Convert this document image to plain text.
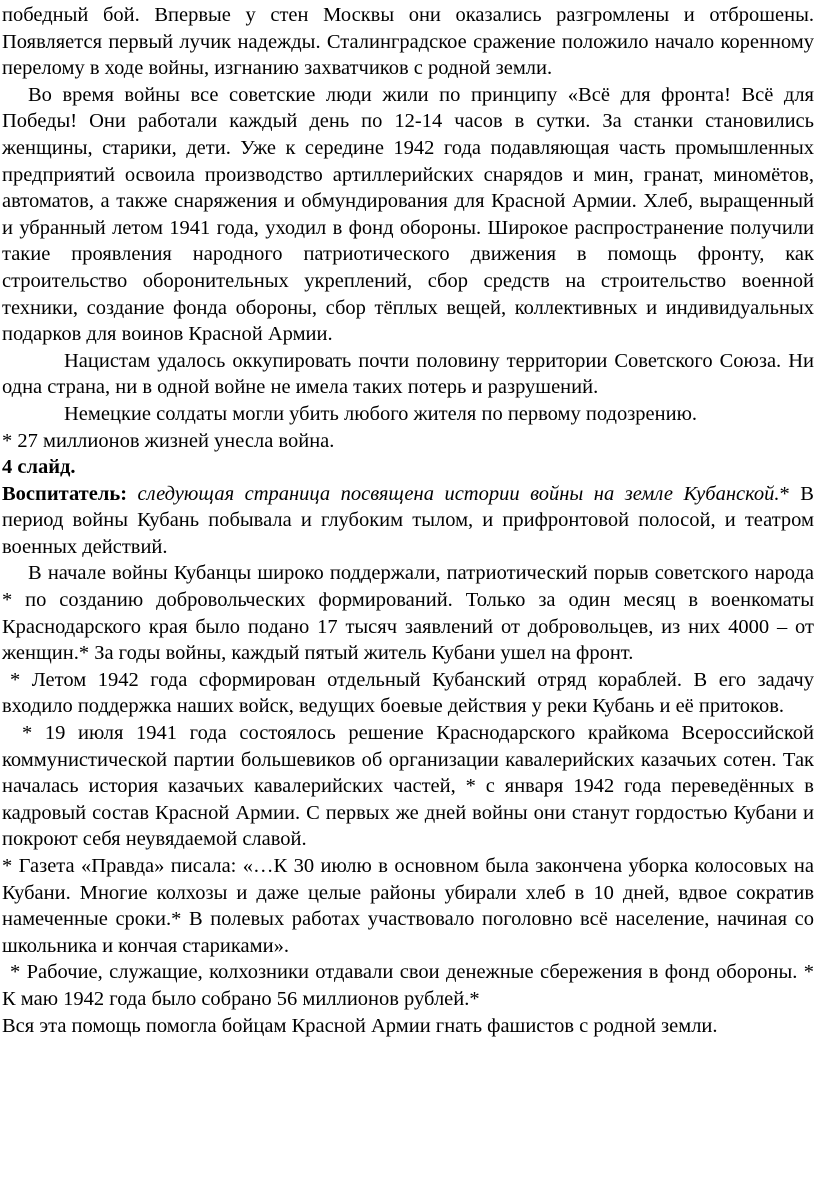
победный бой. Впервые у стен Москвы они оказались разгромлены и отброшены. Появляется первый лучик надежды. Сталинградское сражение положило начало коренному перелому в ходе войны, изгнанию захватчиков с родной земли.

Во время войны все советские люди жили по принципу «Всё для фронта! Всё для Победы! Они работали каждый день по 12-14 часов в сутки. За станки становились женщины, старики, дети. Уже к середине 1942 года подавляющая часть промышленных предприятий освоила производство артиллерийских снарядов и мин, гранат, миномётов, автоматов, а также снаряжения и обмундирования для Красной Армии. Хлеб, выращенный и убранный летом 1941 года, уходил в фонд обороны. Широкое распространение получили такие проявления народного патриотического движения в помощь фронту, как строительство оборонительных укреплений, сбор средств на строительство военной техники, создание фонда обороны, сбор тёплых вещей, коллективных и индивидуальных подарков для воинов Красной Армии.

Нацистам удалось оккупировать почти половину территории Советского Союза. Ни одна страна, ни в одной войне не имела таких потерь и разрушений.

Немецкие солдаты могли убить любого жителя по первому подозрению.

* 27 миллионов жизней унесла война.

4 слайд.

Воспитатель: следующая страница посвящена истории войны на земле Кубанской.* В период войны Кубань побывала и глубоким тылом, и прифронтовой полосой, и театром военных действий.

В начале войны Кубанцы широко поддержали, патриотический порыв советского народа * по созданию добровольческих формирований. Только за один месяц в военкоматы Краснодарского края было подано 17 тысяч заявлений от добровольцев, из них 4000 – от женщин.* За годы войны, каждый пятый житель Кубани ушел на фронт.

* Летом 1942 года сформирован отдельный Кубанский отряд кораблей. В его задачу входило поддержка наших войск, ведущих боевые действия у реки Кубань и её притоков.

* 19 июля 1941 года состоялось решение Краснодарского крайкома Всероссийской коммунистической партии большевиков об организации кавалерийских казачьих сотен. Так началась история казачьих кавалерийских частей, * с января 1942 года переведённых в кадровый состав Красной Армии. С первых же дней войны они станут гордостью Кубани и покроют себя неувядаемой славой.

* Газета «Правда» писала: «…К 30 июлю в основном была закончена уборка колосовых на Кубани. Многие колхозы и даже целые районы убирали хлеб в 10 дней, вдвое сократив намеченные сроки.* В полевых работах участвовало поголовно всё население, начиная со школьника и кончая стариками».

* Рабочие, служащие, колхозники отдавали свои денежные сбережения в фонд обороны. * К маю 1942 года было собрано 56 миллионов рублей.*

Вся эта помощь помогла бойцам Красной Армии гнать фашистов с родной земли.
